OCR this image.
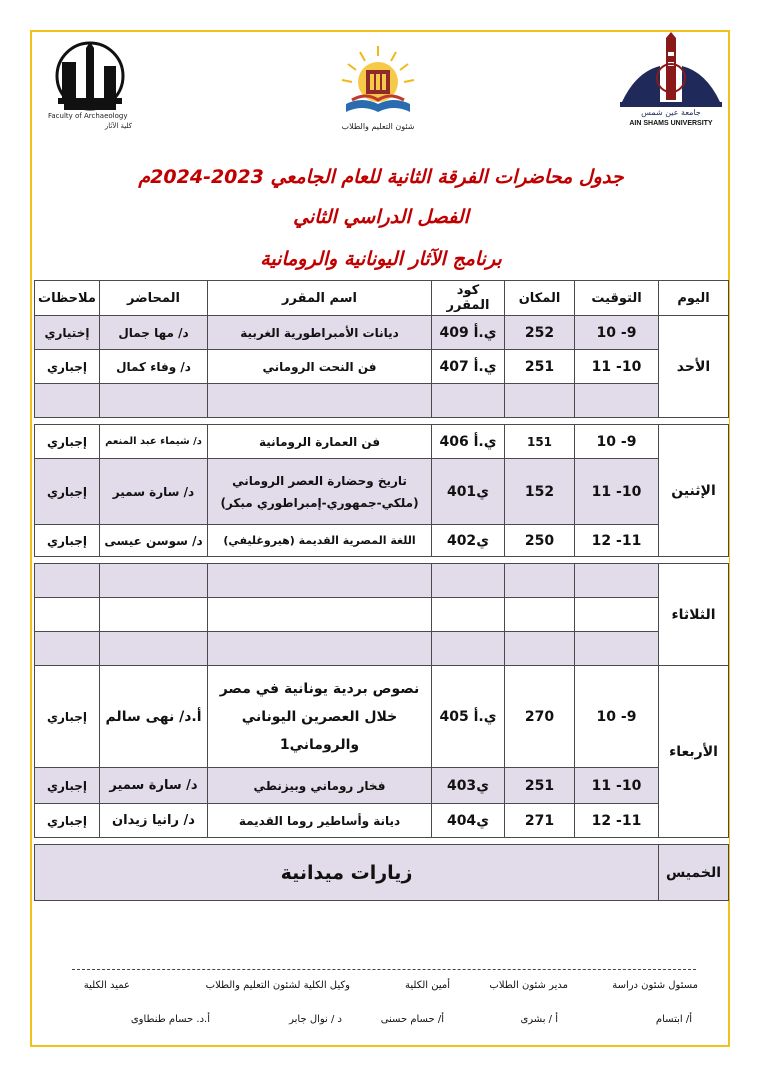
Faculty of Archaeology
كلية الآثار	شئون التعليم والطلاب
جامعة عين شمس
AIN SHAMS UNIVERSITY
جدول محاضرات الفرقة الثانية للعام الجامعي 2023-2024م
الفصل الدراسي الثاني
برنامج الآثار اليونانية والرومانية
اليوم	التوقيت	المكان	كود المقرر	اسم المقرر	المحاضر	ملاحظات
الأحد	9- 10	252	ي.أ 409	ديانات الأمبراطورية الغربية	د/ مها جمال	إختياري
	10- 11	251	ي.أ 407	فن النحت الروماني	د/ وفاء كمال	إجباري

الإثنين	9- 10	151	ي.أ 406	فن العمارة الرومانية	د/ شيماء عبد المنعم	إجباري
	10- 11	152	ي401	تاريخ وحضارة العصر الروماني
(ملكي-جمهوري-إمبراطوري مبكر)	د/ سارة سمير	إجباري
	11- 12	250	ي402	اللغة المصرية القديمة (هيروغليفي)	د/ سوسن عيسى	إجباري

الثلاثاء						

الأربعاء	9- 10	270	ي.أ 405	نصوص بردية يونانية في مصر
خلال العصرين اليوناني
والروماني1	أ.د/ نهى سالم	إجباري
	10- 11	251	ي403	فخار روماني وبيزنطي	د/ سارة سمير	إجباري
	11- 12	271	ي404	ديانة وأساطير روما القديمة	د/ رانيا زيدان	إجباري

الخميس	زيارات ميدانية					
مسئول شئون دراسة
مدير شئون الطلاب
أمين الكلية
وكيل الكلية لشئون التعليم والطلاب
عميد الكلية
أ/ ابتسام
أ / بشرى
أ/ حسام حسنى
د / نوال جابر
أ.د. حسام طنطاوى
